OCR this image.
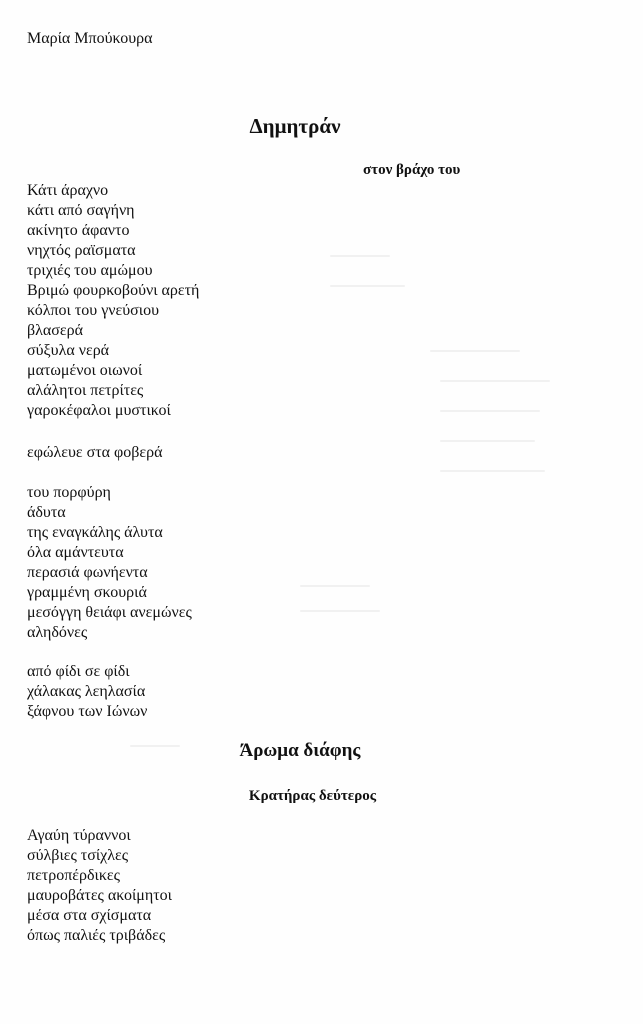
Μαρία Μπούκουρα
Δημητράν
στον βράχο του
Κάτι άραχνο
κάτι από σαγήνη
ακίνητο άφαντο
νηχτός ραϊσματα
τριχιές του αμώμου
Βριμώ φουρκοβούνι αρετή
κόλποι του γνεύσιου
βλασερά
σύξυλα νερά
ματωμένοι οιωνοί
αλάλητοι πετρίτες
γαροκέφαλοι μυστικοί
εφώλευε στα φοβερά
του πορφύρη
άδυτα
της εναγκάλης άλυτα
όλα αμάντευτα
περασιά φωνήεντα
γραμμένη σκουριά
μεσόγγη θειάφι ανεμώνες
αληδόνες
από φίδι σε φίδι
χάλακας λεηλασία
ξάφνου των Ιώνων
Άρωμα διάφης
Κρατήρας δεύτερος
Αγαύη τύραννοι
σύλβιες τσίχλες
πετροπέρδικες
μαυροβάτες ακοίμητοι
μέσα στα σχίσματα
όπως παλιές τριβάδες
